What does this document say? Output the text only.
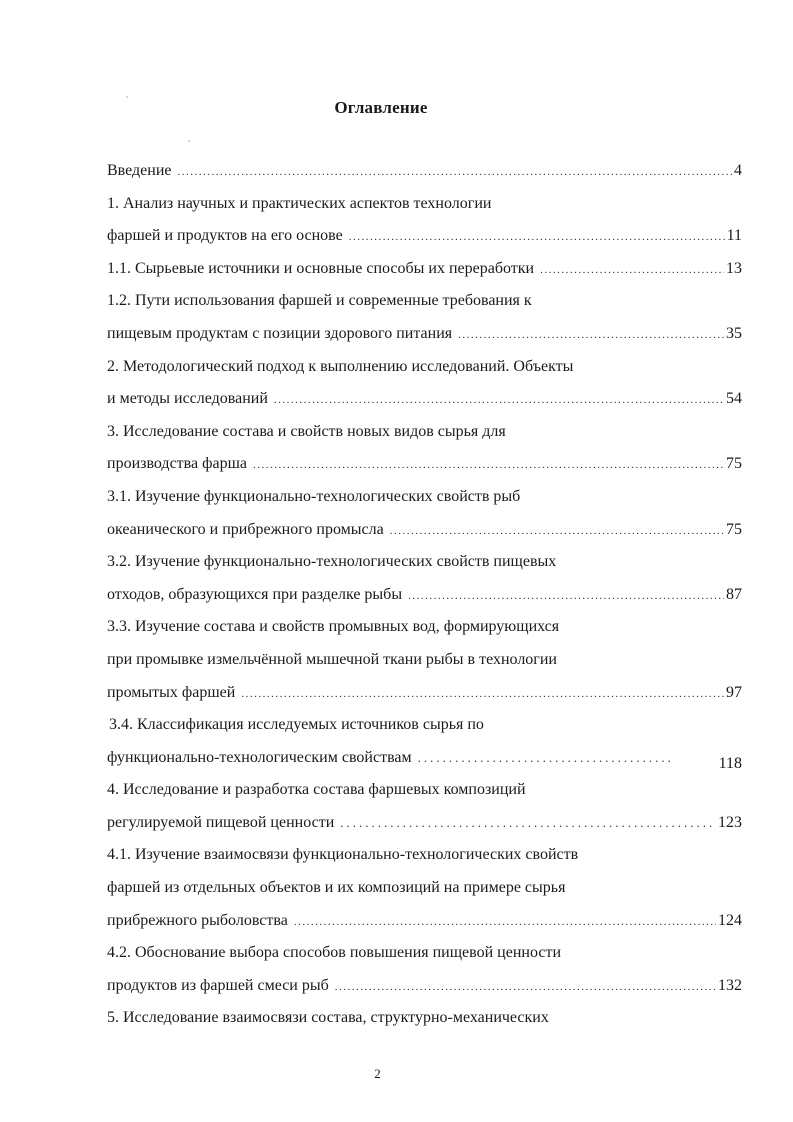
Оглавление
Введение .....	4
1. Анализ научных и практических аспектов технологии
фаршей и продуктов на его основе .....	11
1.1. Сырьевые источники и основные способы их переработки .....	13
1.2. Пути использования фаршей и современные требования к
пищевым продуктам с позиции здорового питания .....	35
2. Методологический подход к выполнению исследований. Объекты
и методы исследований .....	54
3. Исследование состава и свойств новых видов сырья для
производства фарша .....	75
3.1. Изучение функционально-технологических свойств рыб
океанического и прибрежного промысла .....	75
3.2. Изучение функционально-технологических свойств пищевых
отходов, образующихся при разделке рыбы .....	87
3.3. Изучение состава и свойств промывных вод, формирующихся
при промывке измельчённой мышечной ткани рыбы в технологии
промытых фаршей .....	97
3.4. Классификация исследуемых источников сырья по
функционально-технологическим свойствам .....	118
4. Исследование и разработка состава фаршевых композиций
регулируемой пищевой ценности .....	123
4.1. Изучение взаимосвязи функционально-технологических свойств
фаршей из отдельных объектов и их композиций на примере сырья
прибрежного рыболовства .....	124
4.2. Обоснование выбора способов повышения пищевой ценности
продуктов из фаршей смеси рыб .....	132
5. Исследование взаимосвязи состава, структурно-механических
2
